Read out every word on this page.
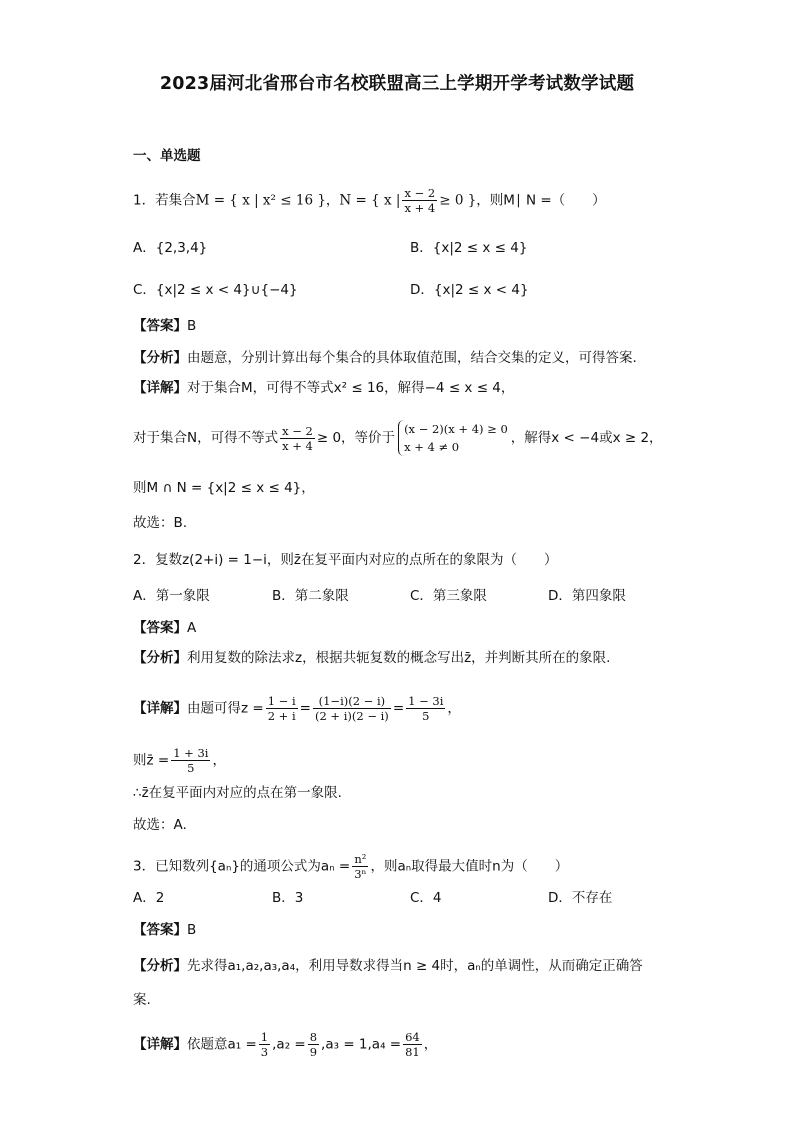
2023届河北省邢台市名校联盟高三上学期开学考试数学试题
一、单选题
1．若集合M = { x | x² ≤ 16 }，N = { x | $\frac{x - 2}{x + 4} \ge 0$ }，则M∣ N =（　　）
A．{2,3,4}	B．{x|2 ≤ x ≤ 4}
C．{x|2 ≤ x < 4}∪{−4}	D．{x|2 ≤ x < 4}
【答案】B
【分析】由题意，分别计算出每个集合的具体取值范围，结合交集的定义，可得答案.
【详解】对于集合M，可得不等式x² ≤ 16，解得−4 ≤ x ≤ 4，
对于集合N，可得不等式 $\frac{x - 2}{x + 4} \ge 0$，等价于
(x − 2)(x + 4) ≥ 0
x + 4 ≠ 0
，解得x < −4或x ≥ 2，
则M ∩ N = {x|2 ≤ x ≤ 4}，
故选：B.
2．复数z(2+i) = 1−i，则z̄在复平面内对应的点所在的象限为（　　）
A．第一象限	B．第二象限	C．第三象限	D．第四象限
【答案】A
【分析】利用复数的除法求z，根据共轭复数的概念写出z̄，并判断其所在的象限.
【详解】由题可得$z = \frac{1 - i}{2 + i} = \frac{(1-i)(2 - i)}{(2 + i)(2 - i)} = \frac{1 - 3i}{5}$ ，
则z̄ = $\frac{1 + 3i}{5}$ ，
∴z̄在复平面内对应的点在第一象限.
故选：A.
3．已知数列{aₙ}的通项公式为$a_n = \frac{\text{n²}}{\text{3ⁿ}}$ ，则aₙ取得最大值时n为（　　）
A．2	B．3	C．4	D．不存在
【答案】B
【分析】先求得a₁,a₂,a₃,a₄，利用导数求得当n ≥ 4时，aₙ的单调性，从而确定正确答
案.
【详解】依题意$a_1 = \frac{1}{3} ,a_2 = \frac{8}{9} ,a_3 = 1,a_4 = \frac{64}{81}$ ，
